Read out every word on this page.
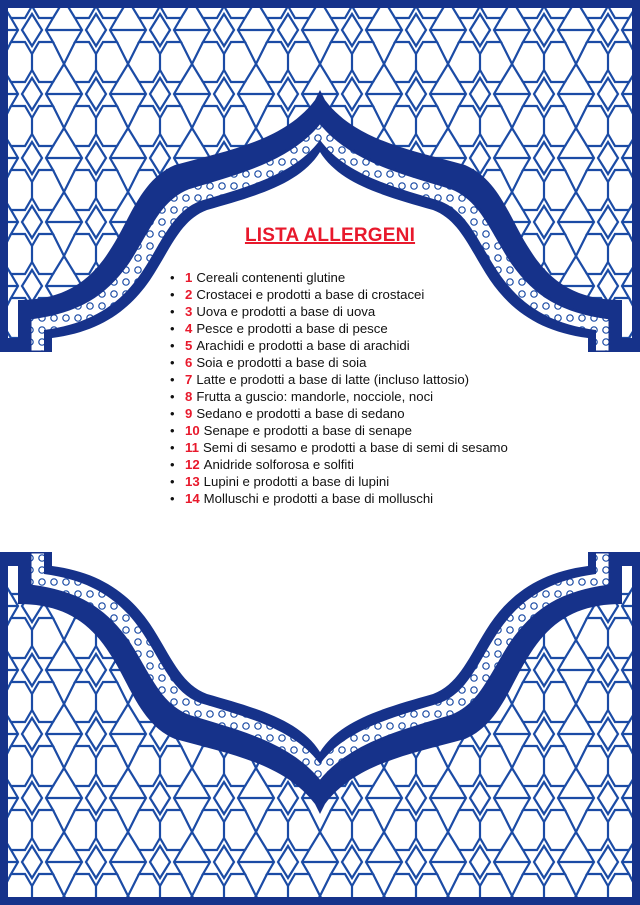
LISTA ALLERGENI
• 1 Cereali contenenti glutine
• 2 Crostacei e prodotti a base di crostacei
• 3 Uova e prodotti a base di uova
• 4 Pesce e prodotti a base di pesce
• 5 Arachidi e prodotti a base di arachidi
• 6 Soia e prodotti a base di soia
• 7 Latte e prodotti a base di latte (incluso lattosio)
• 8 Frutta a guscio: mandorle, nocciole, noci
• 9 Sedano e prodotti a base di sedano
• 10 Senape e prodotti a base di senape
• 11 Semi di sesamo e prodotti a base di semi di sesamo
• 12 Anidride solforosa e solfiti
• 13 Lupini e prodotti a base di lupini
• 14 Molluschi e prodotti a base di molluschi
